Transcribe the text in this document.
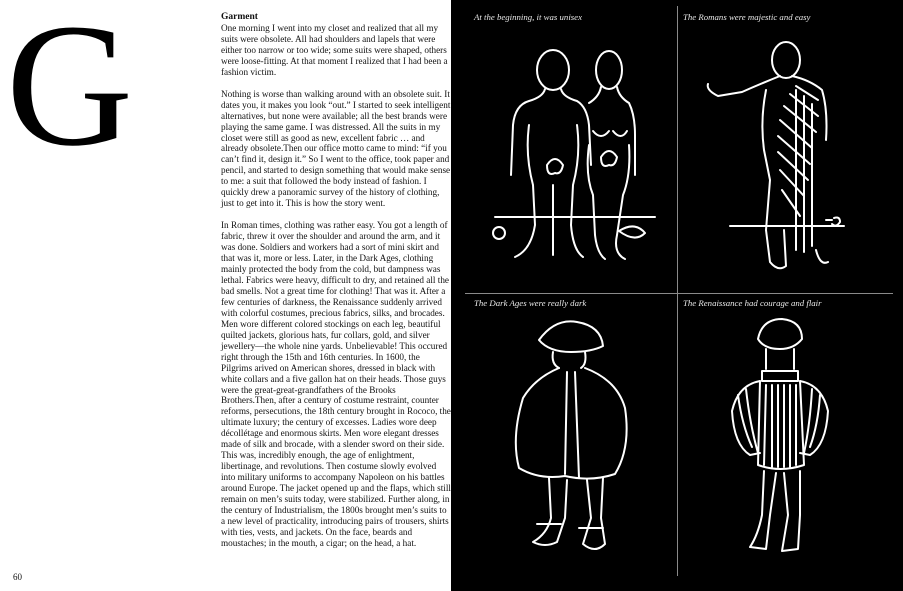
G	Garment

One morning I went into my closet and realized that all my suits were obsolete. All had shoulders and lapels that were either too narrow or too wide; some suits were shaped, others were loose-fitting. At that moment I realized that I had been a fashion victim.

Nothing is worse than walking around with an obsolete suit. It dates you, it makes you look “out.” I started to seek intelligent alternatives, but none were available; all the best brands were playing the same game. I was distressed. All the suits in my closet were still as good as new, excellent fabric … and already obsolete.Then our office motto came to mind: “if you can’t find it, design it.” So I went to the office, took paper and pencil, and started to design something that would make sense to me: a suit that followed the body instead of fashion. I quickly drew a panoramic survey of the history of clothing, just to get into it. This is how the story went.

In Roman times, clothing was rather easy. You got a length of fabric, threw it over the shoulder and around the arm, and it was done. Soldiers and workers had a sort of mini skirt and that was it, more or less. Later, in the Dark Ages, clothing mainly protected the body from the cold, but dampness was lethal. Fabrics were heavy, difficult to dry, and retained all the bad smells. Not a great time for clothing! That was it. After a few centuries of darkness, the Renaissance suddenly arrived with colorful costumes, precious fabrics, silks, and brocades. Men wore different colored stockings on each leg, beautiful quilted jackets, glorious hats, fur collars, gold, and silver jewellery—the whole nine yards. Unbelievable! This occured right through the 15th and 16th centuries. In 1600, the Pilgrims arived on American shores, dressed in black with white collars and a five gallon hat on their heads. Those guys were the great-great-grandfathers of the Brooks Brothers.Then, after a century of costume restraint, counter reforms, persecutions, the 18th century brought in Rococo, the ultimate luxury; the century of excesses. Ladies wore deep décollétage and enormous skirts. Men wore elegant dresses made of silk and brocade, with a slender sword on their side. This was, incredibly enough, the age of enlightment, libertinage, and revolutions. Then costume slowly evolved into military uniforms to accompany Napoleon on his battles around Europe. The jacket opened up and the flaps, which still remain on men’s suits today, were stabilized. Further along, in the century of Industrialism, the 1800s brought men’s suits to a new level of practicality, introducing pairs of trousers, shirts with ties, vests, and jackets. On the face, beards and moustaches; in the mouth, a cigar; on the head, a hat.

60
At the beginning, it was unisex	The Romans were majestic and easy
The Dark Ages were really dark	The Renaissance had courage and flair
